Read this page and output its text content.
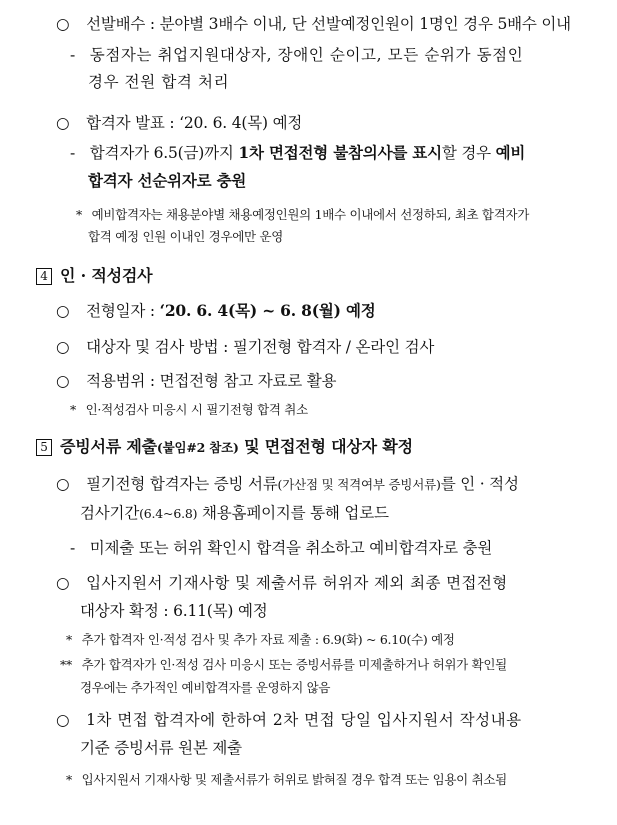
○ 선발배수 : 분야별 3배수 이내, 단 선발예정인원이 1명인 경우 5배수 이내
- 동점자는 취업지원대상자, 장애인 순이고, 모든 순위가 동점인
경우 전원 합격 처리
○ 합격자 발표 : ‘20. 6. 4(목) 예정
- 합격자가 6.5(금)까지 1차 면접전형 불참의사를 표시할 경우 예비
합격자 선순위자로 충원
* 예비합격자는 채용분야별 채용예정인원의 1배수 이내에서 선정하되, 최초 합격자가
합격 예정 인원 이내인 경우에만 운영
4 인 · 적성검사
○ 전형일자 : ‘20. 6. 4(목) ~ 6. 8(월) 예정
○ 대상자 및 검사 방법 : 필기전형 합격자 / 온라인 검사
○ 적용범위 : 면접전형 참고 자료로 활용
* 인·적성검사 미응시 시 필기전형 합격 취소
5 증빙서류 제출(붙임#2 참조) 및 면접전형 대상자 확정
○ 필기전형 합격자는 증빙 서류(가산점 및 적격여부 증빙서류)를 인 · 적성
검사기간(6.4~6.8) 채용홈페이지를 통해 업로드
- 미제출 또는 허위 확인시 합격을 취소하고 예비합격자로 충원
○ 입사지원서 기재사항 및 제출서류 허위자 제외 최종 면접전형
대상자 확정 : 6.11(목) 예정
* 추가 합격자 인·적성 검사 및 추가 자료 제출 : 6.9(화) ~ 6.10(수) 예정
** 추가 합격자가 인·적성 검사 미응시 또는 증빙서류를 미제출하거나 허위가 확인될
경우에는 추가적인 예비합격자를 운영하지 않음
○ 1차 면접 합격자에 한하여 2차 면접 당일 입사지원서 작성내용
기준 증빙서류 원본 제출
* 입사지원서 기재사항 및 제출서류가 허위로 밝혀질 경우 합격 또는 임용이 취소됨
